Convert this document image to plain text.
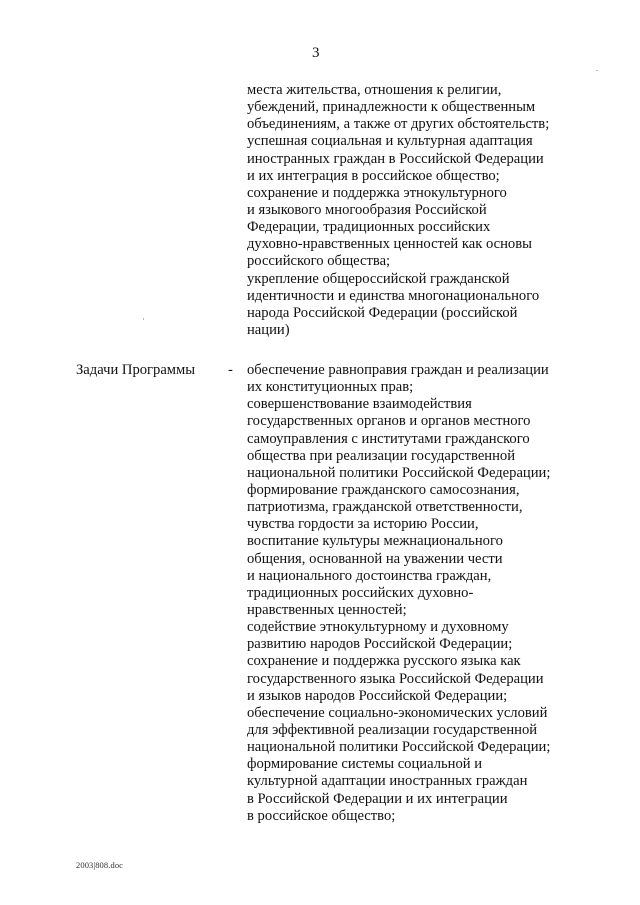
3
места жительства, отношения к религии,
убеждений, принадлежности к общественным
объединениям, а также от других обстоятельств;
успешная социальная и культурная адаптация
иностранных граждан в Российской Федерации
и их интеграция в российское общество;
сохранение и поддержка этнокультурного
и языкового многообразия Российской
Федерации, традиционных российских
духовно-нравственных ценностей как основы
российского общества;
укрепление общероссийской гражданской
идентичности и единства многонационального
народа Российской Федерации (российской
нации)
Задачи Программы - обеспечение равноправия граждан и реализации
их конституционных прав;
совершенствование взаимодействия
государственных органов и органов местного
самоуправления с институтами гражданского
общества при реализации государственной
национальной политики Российской Федерации;
формирование гражданского самосознания,
патриотизма, гражданской ответственности,
чувства гордости за историю России,
воспитание культуры межнационального
общения, основанной на уважении чести
и национального достоинства граждан,
традиционных российских духовно-
нравственных ценностей;
содействие этнокультурному и духовному
развитию народов Российской Федерации;
сохранение и поддержка русского языка как
государственного языка Российской Федерации
и языков народов Российской Федерации;
обеспечение социально-экономических условий
для эффективной реализации государственной
национальной политики Российской Федерации;
формирование системы социальной и
культурной адаптации иностранных граждан
в Российской Федерации и их интеграции
в российское общество;
2003|808.doc
